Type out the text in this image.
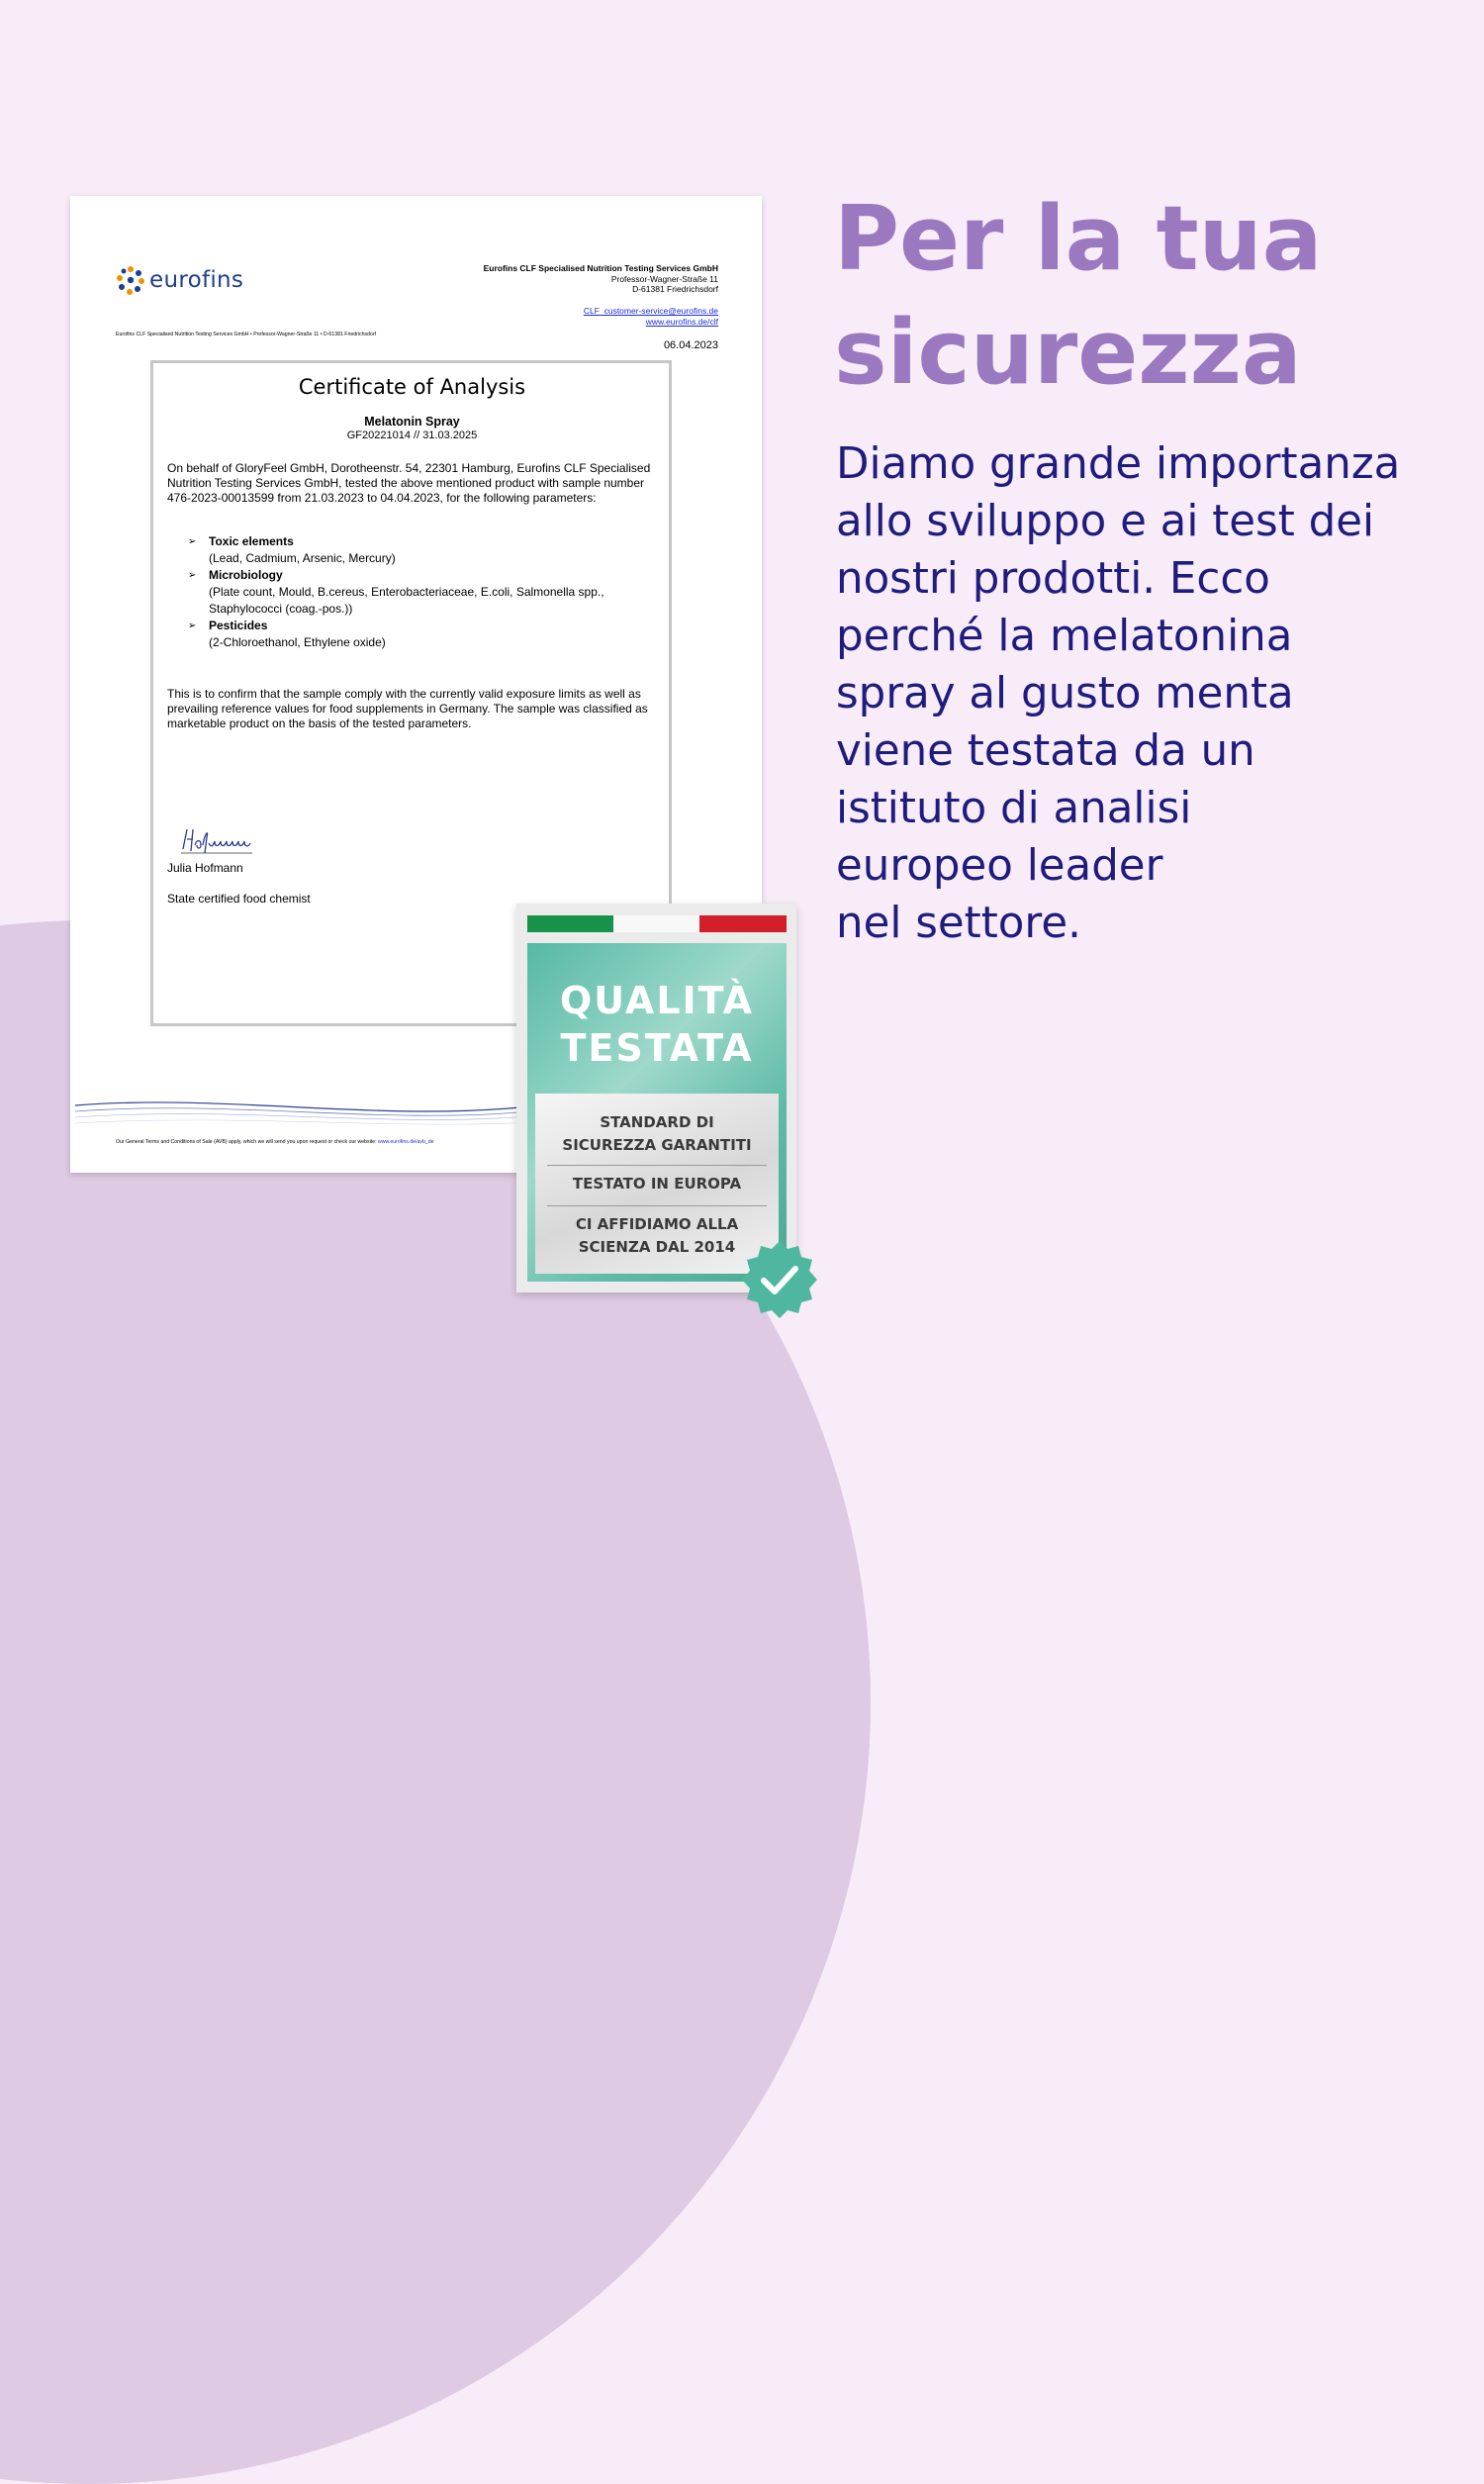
eurofins	Eurofins CLF Specialised Nutrition Testing Services GmbH
Professor-Wagner-Straße 11
D-61381 Friedrichsdorf
CLF_customer-service@eurofins.de
www.eurofins.de/clf
Eurofins CLF Specialised Nutrition Testing Services GmbH • Professor-Wagner-Straße 11 • D-61381 Friedrichsdorf
06.04.2023
Certificate of Analysis
Melatonin Spray
GF20221014 // 31.03.2025
On behalf of GloryFeel GmbH, Dorotheenstr. 54, 22301 Hamburg, Eurofins CLF Specialised Nutrition Testing Services GmbH, tested the above mentioned product with sample number 476-2023-00013599 from 21.03.2023 to 04.04.2023, for the following parameters:
➢ Toxic elements
(Lead, Cadmium, Arsenic, Mercury)
➢ Microbiology
(Plate count, Mould, B.cereus, Enterobacteriaceae, E.coli, Salmonella spp., Staphylococci (coag.-pos.))
➢ Pesticides
(2-Chloroethanol, Ethylene oxide)
This is to confirm that the sample comply with the currently valid exposure limits as well as prevailing reference values for food supplements in Germany. The sample was classified as marketable product on the basis of the tested parameters.
Julia Hofmann
State certified food chemist
Our General Terms and Conditions of Sale (AVB) apply, which we will send you upon request or check our website: www.eurofins.de/avb_de
Per la tua sicurezza

Diamo grande importanza
allo sviluppo e ai test dei
nostri prodotti. Ecco
perché la melatonina
spray al gusto menta
viene testata da un
istituto di analisi
europeo leader
nel settore.

QUALITÀ
TESTATA
STANDARD DI
SICUREZZA GARANTITI
TESTATO IN EUROPA
CI AFFIDIAMO ALLA
SCIENZA DAL 2014
